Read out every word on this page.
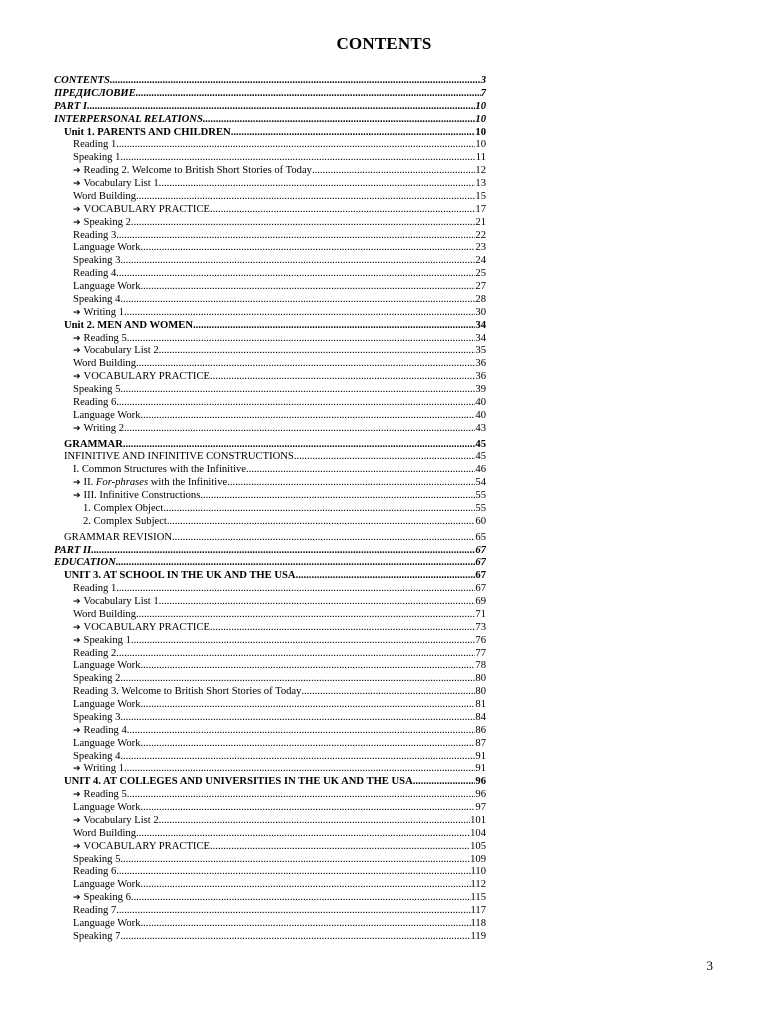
CONTENTS
CONTENTS .....	3
ПРЕДИСЛОВИЕ .....	7
PART I .....	10
INTERPERSONAL RELATIONS .....	10
Unit 1. PARENTS AND CHILDREN .....	10
Reading 1 .....	10
Speaking 1 .....	11
➔ Reading 2. Welcome to British Short Stories of Today .....	12
➔ Vocabulary List 1 .....	13
Word Building .....	15
➔ VOCABULARY PRACTICE .....	17
➔ Speaking 2 .....	21
Reading 3 .....	22
Language Work .....	23
Speaking 3 .....	24
Reading 4 .....	25
Language Work .....	27
Speaking 4 .....	28
➔ Writing 1 .....	30
Unit 2. MEN AND WOMEN .....	34
➔ Reading 5 .....	34
➔ Vocabulary List 2 .....	35
Word Building .....	36
➔ VOCABULARY PRACTICE .....	36
Speaking 5 .....	39
Reading 6 .....	40
Language Work .....	40
➔ Writing 2 .....	43
GRAMMAR .....	45
INFINITIVE AND INFINITIVE CONSTRUCTIONS .....	45
I. Common Structures with the Infinitive .....	46
➔ II. For-phrases with the Infinitive .....	54
➔ III. Infinitive Constructions .....	55
1. Complex Object .....	55
2. Complex Subject .....	60
GRAMMAR REVISION .....	65
PART II .....	67
EDUCATION .....	67
UNIT 3. AT SCHOOL IN THE UK AND THE USA .....	67
Reading 1 .....	67
➔ Vocabulary List 1 .....	69
Word Building .....	71
➔ VOCABULARY PRACTICE .....	73
➔ Speaking 1 .....	76
Reading 2 .....	77
Language Work .....	78
Speaking 2 .....	80
Reading 3. Welcome to British Short Stories of Today .....	80
Language Work .....	81
Speaking 3 .....	84
➔ Reading 4 .....	86
Language Work .....	87
Speaking 4 .....	91
➔ Writing 1 .....	91
UNIT 4. AT COLLEGES AND UNIVERSITIES IN THE UK AND THE USA .....	96
➔ Reading 5 .....	96
Language Work .....	97
➔ Vocabulary List 2 .....	101
Word Building .....	104
➔ VOCABULARY PRACTICE .....	105
Speaking 5 .....	109
Reading 6 .....	110
Language Work .....	112
➔ Speaking 6 .....	115
Reading 7 .....	117
Language Work .....	118
Speaking 7 .....	119
3
